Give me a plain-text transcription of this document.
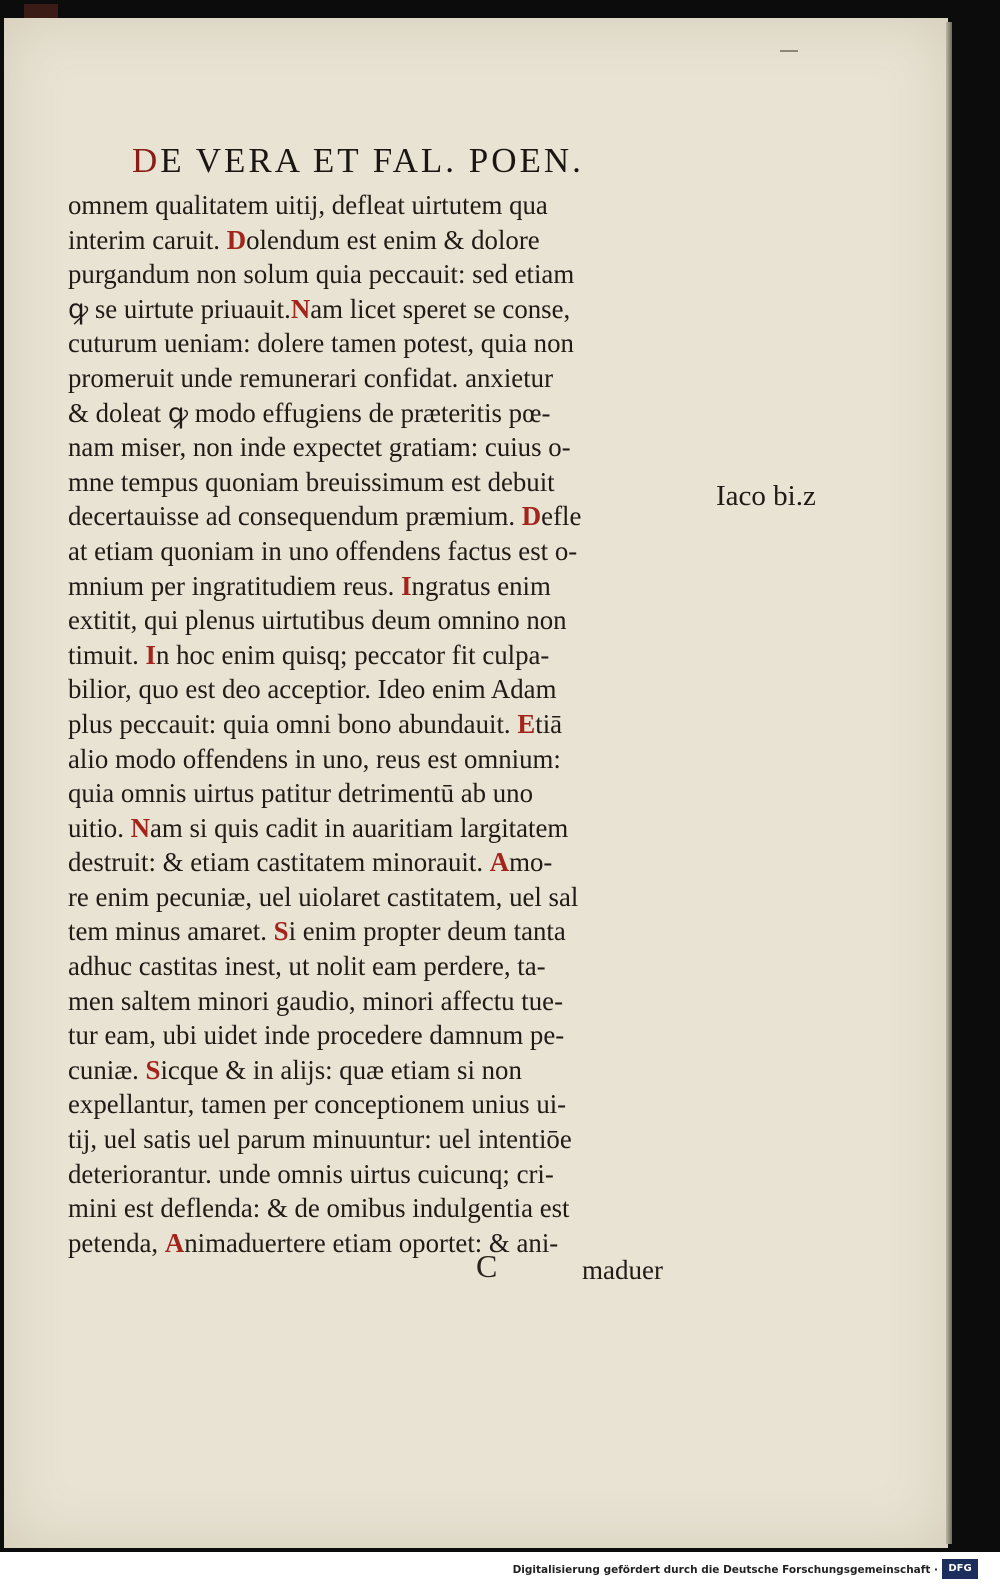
DE VERA ET FAL. POEN.
omnem qualitatem uitij, defleat uirtutem qua
interim caruit. Dolendum est enim & dolore
purgandum non solum quia peccauit: sed etiam
ꝙ se uirtute priuauit.Nam licet speret se conse,
cuturum ueniam: dolere tamen potest, quia non
promeruit unde remunerari confidat. anxietur
& doleat ꝙ modo effugiens de præteritis pœ-
nam miser, non inde expectet gratiam: cuius o-
mne tempus quoniam breuissimum est debuit
decertauisse ad consequendum præmium. Defle
at etiam quoniam in uno offendens factus est o-
mnium per ingratitudiem reus. Ingratus enim
extitit, qui plenus uirtutibus deum omnino non
timuit. In hoc enim quisq; peccator fit culpa-
bilior, quo est deo acceptior. Ideo enim Adam
plus peccauit: quia omni bono abundauit. Etiā
alio modo offendens in uno, reus est omnium:
quia omnis uirtus patitur detrimentū ab uno
uitio. Nam si quis cadit in auaritiam largitatem
destruit: & etiam castitatem minorauit. Amo-
re enim pecuniæ, uel uiolaret castitatem, uel sal
tem minus amaret. Si enim propter deum tanta
adhuc castitas inest, ut nolit eam perdere, ta-
men saltem minori gaudio, minori affectu tue-
tur eam, ubi uidet inde procedere damnum pe-
cuniæ. Sicque & in alijs: quæ etiam si non
expellantur, tamen per conceptionem unius ui-
tij, uel satis uel parum minuuntur: uel intentiōe
deteriorantur. unde omnis uirtus cuicunq; cri-
mini est deflenda: & de omibus indulgentia est
petenda, Animaduertere etiam oportet: & ani-
Iaco bi.z
C	maduer
Digitalisierung gefördert durch die Deutsche Forschungsgemeinschaft ·	DFG
